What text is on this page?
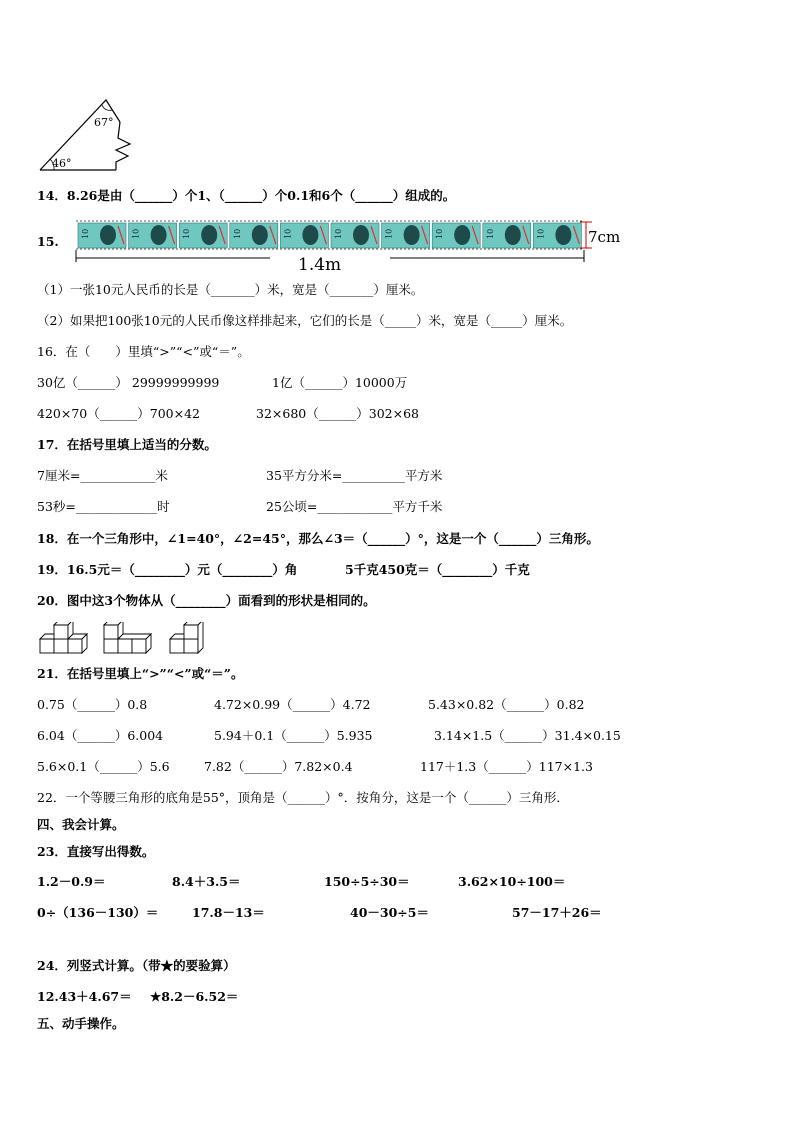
67°
46°
14．8.26是由（______）个1、（______）个0.1和6个（______）组成的。
15.
10	10	10	10	10	10	10	10	10	10	7cm
1.4m
（1）一张10元人民币的长是（_______）米，宽是（_______）厘米。
（2）如果把100张10元的人民币像这样排起来，它们的长是（_____）米，宽是（_____）厘米。
16．在（　　）里填“>”“<”或“＝”。
30亿（______） 29999999999	1亿（______）10000万
420×70（______）700×42	32×680（______）302×68
17．在括号里填上适当的分数。
7厘米=____________米	35平方分米=__________平方米
53秒=_____________时	25公顷=____________平方千米
18．在一个三角形中，∠1=40°，∠2=45°，那么∠3＝（______）°，这是一个（______）三角形。
19．16.5元＝（________）元（________）角	5千克450克＝（________）千克
20．图中这3个物体从（________）面看到的形状是相同的。
21．在括号里填上“>”“<”或“＝”。
0.75（______）0.8	4.72×0.99（______）4.72	5.43×0.82（______）0.82
6.04（______）6.004	5.94＋0.1（______）5.935	3.14×1.5（______）31.4×0.15
5.6×0.1（______）5.6	7.82（______）7.82×0.4	117＋1.3（______）117×1.3
22．一个等腰三角形的底角是55°，顶角是（______）°．按角分，这是一个（______）三角形．
四、我会计算。
23．直接写出得数。
1.2－0.9＝	8.4＋3.5＝	150÷5÷30＝	3.62×10÷100＝
0÷（136－130）＝	17.8－13＝	40－30÷5＝	57－17＋26＝
24．列竖式计算。（带★的要验算）
12.43＋4.67＝ ★8.2－6.52＝
五、动手操作。
